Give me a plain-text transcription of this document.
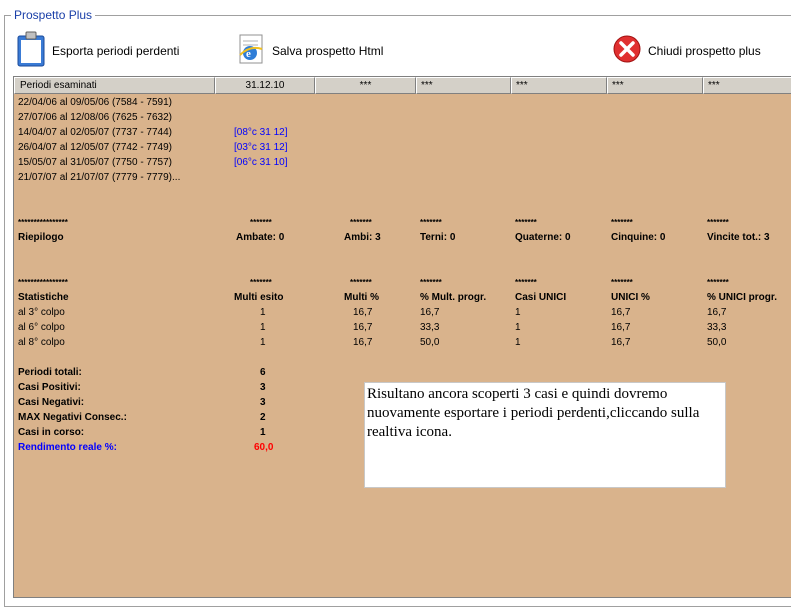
Prospetto Plus
Esporta periodi perdenti	e Salva prospetto Html	Chiudi prospetto plus
Periodi esaminati	31.12.10	***	***	***	***	***
22/04/06 al 09/05/06 (7584 - 7591)
27/07/06 al 12/08/06 (7625 - 7632)
14/04/07 al 02/05/07 (7737 - 7744)	[08°c 31 12]
26/04/07 al 12/05/07 (7742 - 7749)	[03°c 31 12]
15/05/07 al 31/05/07 (7750 - 7757)	[06°c 31 10]
21/07/07 al 21/07/07 (7779 - 7779)...
****************	*******	*******	*******	*******	*******	*******
Riepilogo	Ambate: 0	Ambi: 3	Terni: 0	Quaterne: 0	Cinquine: 0	Vincite tot.: 3
****************	*******	*******	*******	*******	*******	*******
Statistiche	Multi esito	Multi %	% Mult. progr.	Casi UNICI	UNICI %	% UNICI progr.
al 3° colpo	1	16,7	16,7	1	16,7	16,7
al 6° colpo	1	16,7	33,3	1	16,7	33,3
al 8° colpo	1	16,7	50,0	1	16,7	50,0
Periodi totali:	6
Casi Positivi:	3
Casi Negativi:	3
MAX Negativi Consec.:	2
Casi in corso:	1
Rendimento reale %:	60,0
Risultano ancora scoperti 3 casi e quindi dovremo nuovamente esportare i periodi perdenti,cliccando sulla realtiva icona.
